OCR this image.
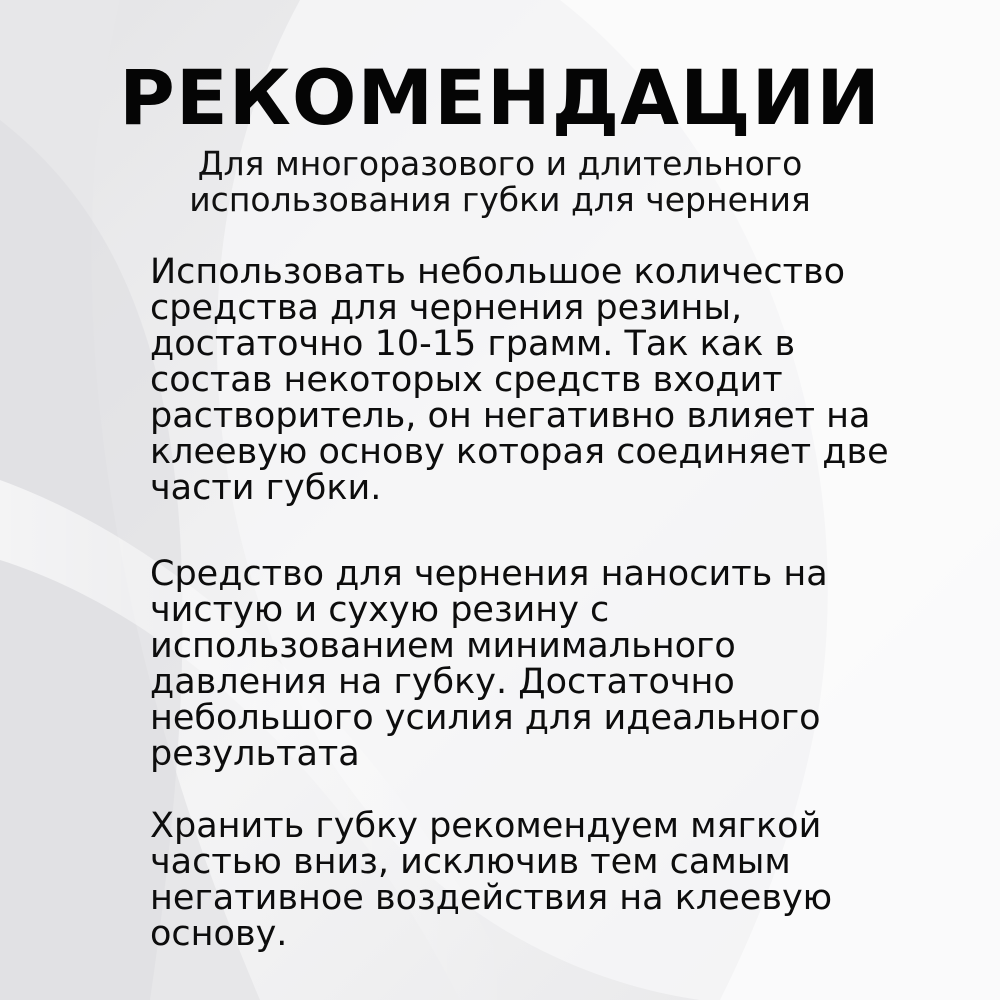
РЕКОМЕНДАЦИИ
Для многоразового и длительного
использования губки для чернения
Использовать небольшое количество
средства для чернения резины,
достаточно 10-15 грамм. Так как в
состав некоторых средств входит
растворитель, он негативно влияет на
клеевую основу которая соединяет две
части губки.
Средство для чернения наносить на
чистую и сухую резину с
использованием минимального
давления на губку. Достаточно
небольшого усилия для идеального
результата
Хранить губку рекомендуем мягкой
частью вниз, исключив тем самым
негативное воздействия на клеевую
основу.
